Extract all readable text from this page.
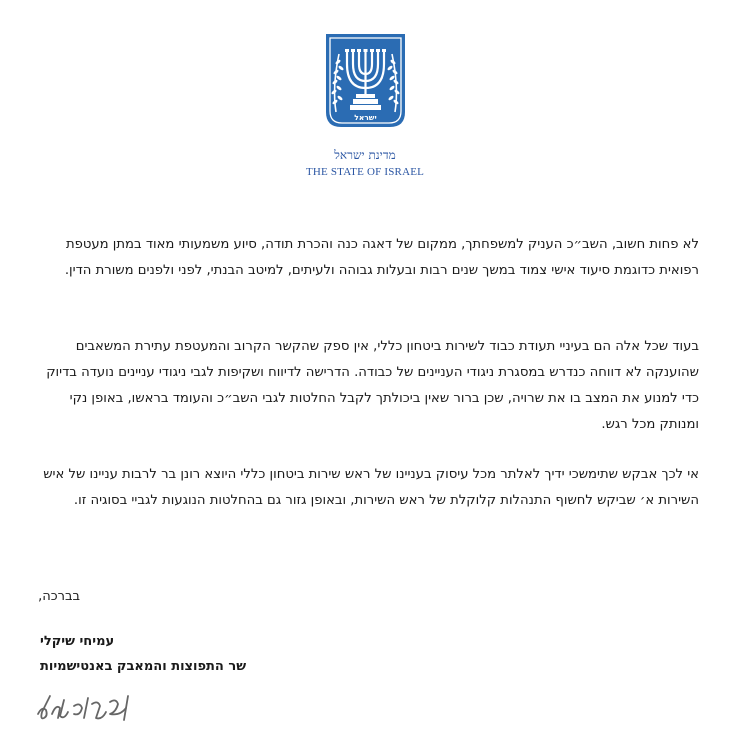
ישראל
מדינת ישראל
THE STATE OF ISRAEL
לא פחות חשוב, השב״כ העניק למשפחתך, ממקום של דאגה כנה והכרת תודה, סיוע משמעותי מאוד במתן מעטפת רפואית כדוגמת סיעוד אישי צמוד במשך שנים רבות ובעלות גבוהה ולעיתים, למיטב הבנתי, לפני ולפנים משורת הדין.
בעוד שכל אלה הם בעיניי תעודת כבוד לשירות ביטחון כללי, אין ספק שהקשר הקרוב והמעטפת עתירת המשאבים שהוענקה לא דווחה כנדרש במסגרת ניגודי העניינים של כבודה. הדרישה לדיווח ושקיפות לגבי ניגודי עניינים נועדה בדיוק כדי למנוע את המצב בו את שרויה, שכן ברור שאין ביכולתך לקבל החלטות לגבי השב״כ והעומד בראשו, באופן נקי ומנותק מכל רגש.
אי לכך אבקש שתימשכי ידיך לאלתר מכל עיסוק בעניינו של ראש שירות ביטחון כללי היוצא רונן בר לרבות עניינו של איש השירות א׳ שביקש לחשוף התנהלות קלוקלת של ראש השירות, ובאופן גזור גם בהחלטות הנוגעות לגביי בסוגיה זו.
בברכה,
עמיחי שיקלי
שר התפוצות והמאבק באנטישמיות
